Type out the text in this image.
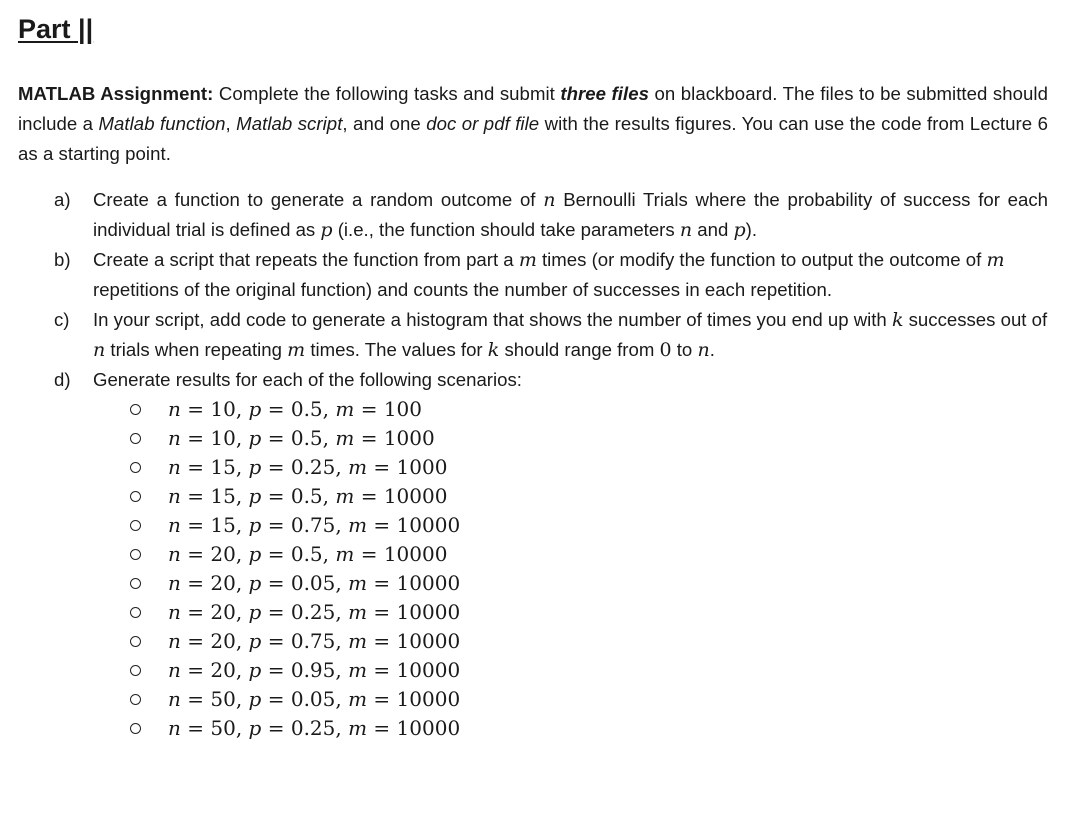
Part ||

MATLAB Assignment: Complete the following tasks and submit three files on blackboard. The files to be submitted should include a Matlab function, Matlab script, and one doc or pdf file with the results figures. You can use the code from Lecture 6 as a starting point.

a) Create a function to generate a random outcome of n Bernoulli Trials where the probability of success for each individual trial is defined as p (i.e., the function should take parameters n and p).
b) Create a script that repeats the function from part a m times (or modify the function to output the outcome of m repetitions of the original function) and counts the number of successes in each repetition.
c) In your script, add code to generate a histogram that shows the number of times you end up with k successes out of n trials when repeating m times. The values for k should range from 0 to n.
d) Generate results for each of the following scenarios:
n = 10, p = 0.5, m = 100
n = 10, p = 0.5, m = 1000
n = 15, p = 0.25, m = 1000
n = 15, p = 0.5, m = 10000
n = 15, p = 0.75, m = 10000
n = 20, p = 0.5, m = 10000
n = 20, p = 0.05, m = 10000
n = 20, p = 0.25, m = 10000
n = 20, p = 0.75, m = 10000
n = 20, p = 0.95, m = 10000
n = 50, p = 0.05, m = 10000
n = 50, p = 0.25, m = 10000
